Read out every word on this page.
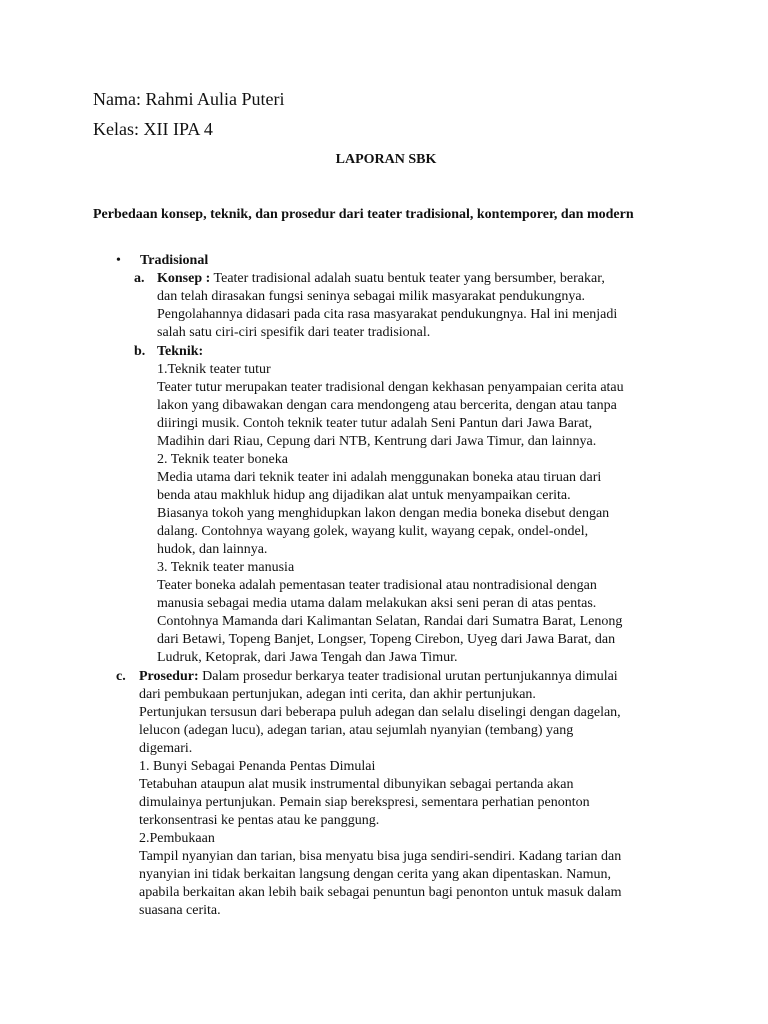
Nama: Rahmi Aulia Puteri
Kelas: XII IPA 4
LAPORAN SBK
Perbedaan konsep, teknik, dan prosedur dari teater tradisional, kontemporer, dan modern
• Tradisional
a. Konsep : Teater tradisional adalah suatu bentuk teater yang bersumber, berakar,
dan telah dirasakan fungsi seninya sebagai milik masyarakat pendukungnya.
Pengolahannya didasari pada cita rasa masyarakat pendukungnya. Hal ini menjadi
salah satu ciri-ciri spesifik dari teater tradisional.
b. Teknik:
1.Teknik teater tutur
Teater tutur merupakan teater tradisional dengan kekhasan penyampaian cerita atau
lakon yang dibawakan dengan cara mendongeng atau bercerita, dengan atau tanpa
diiringi musik. Contoh teknik teater tutur adalah Seni Pantun dari Jawa Barat,
Madihin dari Riau, Cepung dari NTB, Kentrung dari Jawa Timur, dan lainnya.
2. Teknik teater boneka
Media utama dari teknik teater ini adalah menggunakan boneka atau tiruan dari
benda atau makhluk hidup ang dijadikan alat untuk menyampaikan cerita.
Biasanya tokoh yang menghidupkan lakon dengan media boneka disebut dengan
dalang. Contohnya wayang golek, wayang kulit, wayang cepak, ondel-ondel,
hudok, dan lainnya.
3. Teknik teater manusia
Teater boneka adalah pementasan teater tradisional atau nontradisional dengan
manusia sebagai media utama dalam melakukan aksi seni peran di atas pentas.
Contohnya Mamanda dari Kalimantan Selatan, Randai dari Sumatra Barat, Lenong
dari Betawi, Topeng Banjet, Longser, Topeng Cirebon, Uyeg dari Jawa Barat, dan
Ludruk, Ketoprak, dari Jawa Tengah dan Jawa Timur.
c. Prosedur: Dalam prosedur berkarya teater tradisional urutan pertunjukannya dimulai
dari pembukaan pertunjukan, adegan inti cerita, dan akhir pertunjukan.
Pertunjukan tersusun dari beberapa puluh adegan dan selalu diselingi dengan dagelan,
lelucon (adegan lucu), adegan tarian, atau sejumlah nyanyian (tembang) yang
digemari.
1. Bunyi Sebagai Penanda Pentas Dimulai
Tetabuhan ataupun alat musik instrumental dibunyikan sebagai pertanda akan
dimulainya pertunjukan. Pemain siap berekspresi, sementara perhatian penonton
terkonsentrasi ke pentas atau ke panggung.
2.Pembukaan
Tampil nyanyian dan tarian, bisa menyatu bisa juga sendiri-sendiri. Kadang tarian dan
nyanyian ini tidak berkaitan langsung dengan cerita yang akan dipentaskan. Namun,
apabila berkaitan akan lebih baik sebagai penuntun bagi penonton untuk masuk dalam
suasana cerita.
